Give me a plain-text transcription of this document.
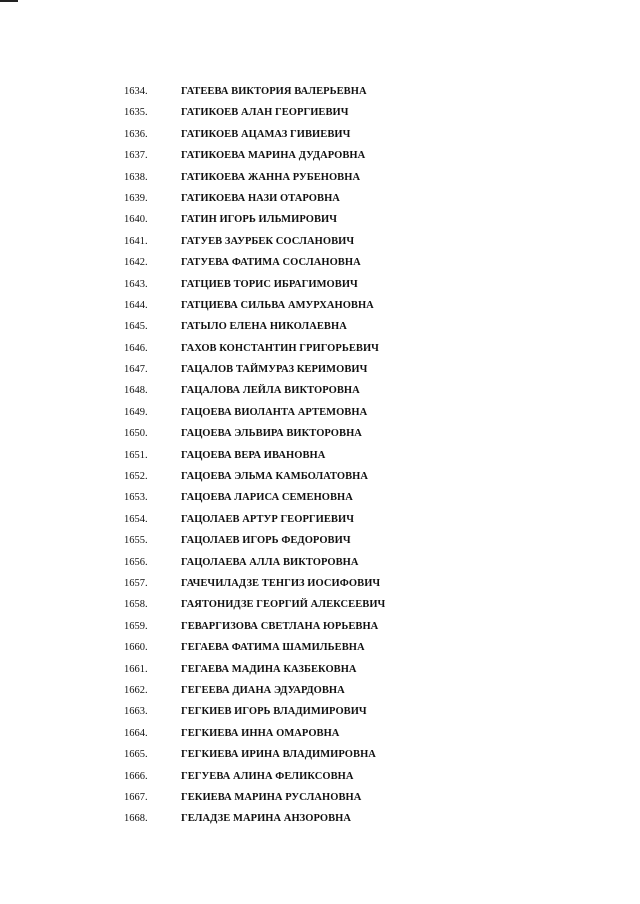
1634.	ГАТЕЕВА ВИКТОРИЯ ВАЛЕРЬЕВНА
1635.	ГАТИКОЕВ АЛАН ГЕОРГИЕВИЧ
1636.	ГАТИКОЕВ АЦАМАЗ ГИВИЕВИЧ
1637.	ГАТИКОЕВА МАРИНА ДУДАРОВНА
1638.	ГАТИКОЕВА ЖАННА РУБЕНОВНА
1639.	ГАТИКОЕВА НАЗИ ОТАРОВНА
1640.	ГАТИН ИГОРЬ ИЛЬМИРОВИЧ
1641.	ГАТУЕВ ЗАУРБЕК СОСЛАНОВИЧ
1642.	ГАТУЕВА ФАТИМА СОСЛАНОВНА
1643.	ГАТЦИЕВ ТОРИС ИБРАГИМОВИЧ
1644.	ГАТЦИЕВА СИЛЬВА АМУРХАНОВНА
1645.	ГАТЫЛО ЕЛЕНА НИКОЛАЕВНА
1646.	ГАХОВ КОНСТАНТИН ГРИГОРЬЕВИЧ
1647.	ГАЦАЛОВ ТАЙМУРАЗ КЕРИМОВИЧ
1648.	ГАЦАЛОВА ЛЕЙЛА ВИКТОРОВНА
1649.	ГАЦОЕВА ВИОЛАНТА АРТЕМОВНА
1650.	ГАЦОЕВА ЭЛЬВИРА ВИКТОРОВНА
1651.	ГАЦОЕВА ВЕРА ИВАНОВНА
1652.	ГАЦОЕВА ЭЛЬМА КАМБОЛАТОВНА
1653.	ГАЦОЕВА ЛАРИСА СЕМЕНОВНА
1654.	ГАЦОЛАЕВ АРТУР ГЕОРГИЕВИЧ
1655.	ГАЦОЛАЕВ ИГОРЬ ФЕДОРОВИЧ
1656.	ГАЦОЛАЕВА АЛЛА ВИКТОРОВНА
1657.	ГАЧЕЧИЛАДЗЕ ТЕНГИЗ ИОСИФОВИЧ
1658.	ГАЯТОНИДЗЕ ГЕОРГИЙ АЛЕКСЕЕВИЧ
1659.	ГЕВАРГИЗОВА СВЕТЛАНА ЮРЬЕВНА
1660.	ГЕГАЕВА ФАТИМА ШАМИЛЬЕВНА
1661.	ГЕГАЕВА МАДИНА КАЗБЕКОВНА
1662.	ГЕГЕЕВА ДИАНА ЭДУАРДОВНА
1663.	ГЕГКИЕВ ИГОРЬ ВЛАДИМИРОВИЧ
1664.	ГЕГКИЕВА ИННА ОМАРОВНА
1665.	ГЕГКИЕВА ИРИНА ВЛАДИМИРОВНА
1666.	ГЕГУЕВА АЛИНА ФЕЛИКСОВНА
1667.	ГЕКИЕВА МАРИНА РУСЛАНОВНА
1668.	ГЕЛАДЗЕ МАРИНА АНЗОРОВНА
